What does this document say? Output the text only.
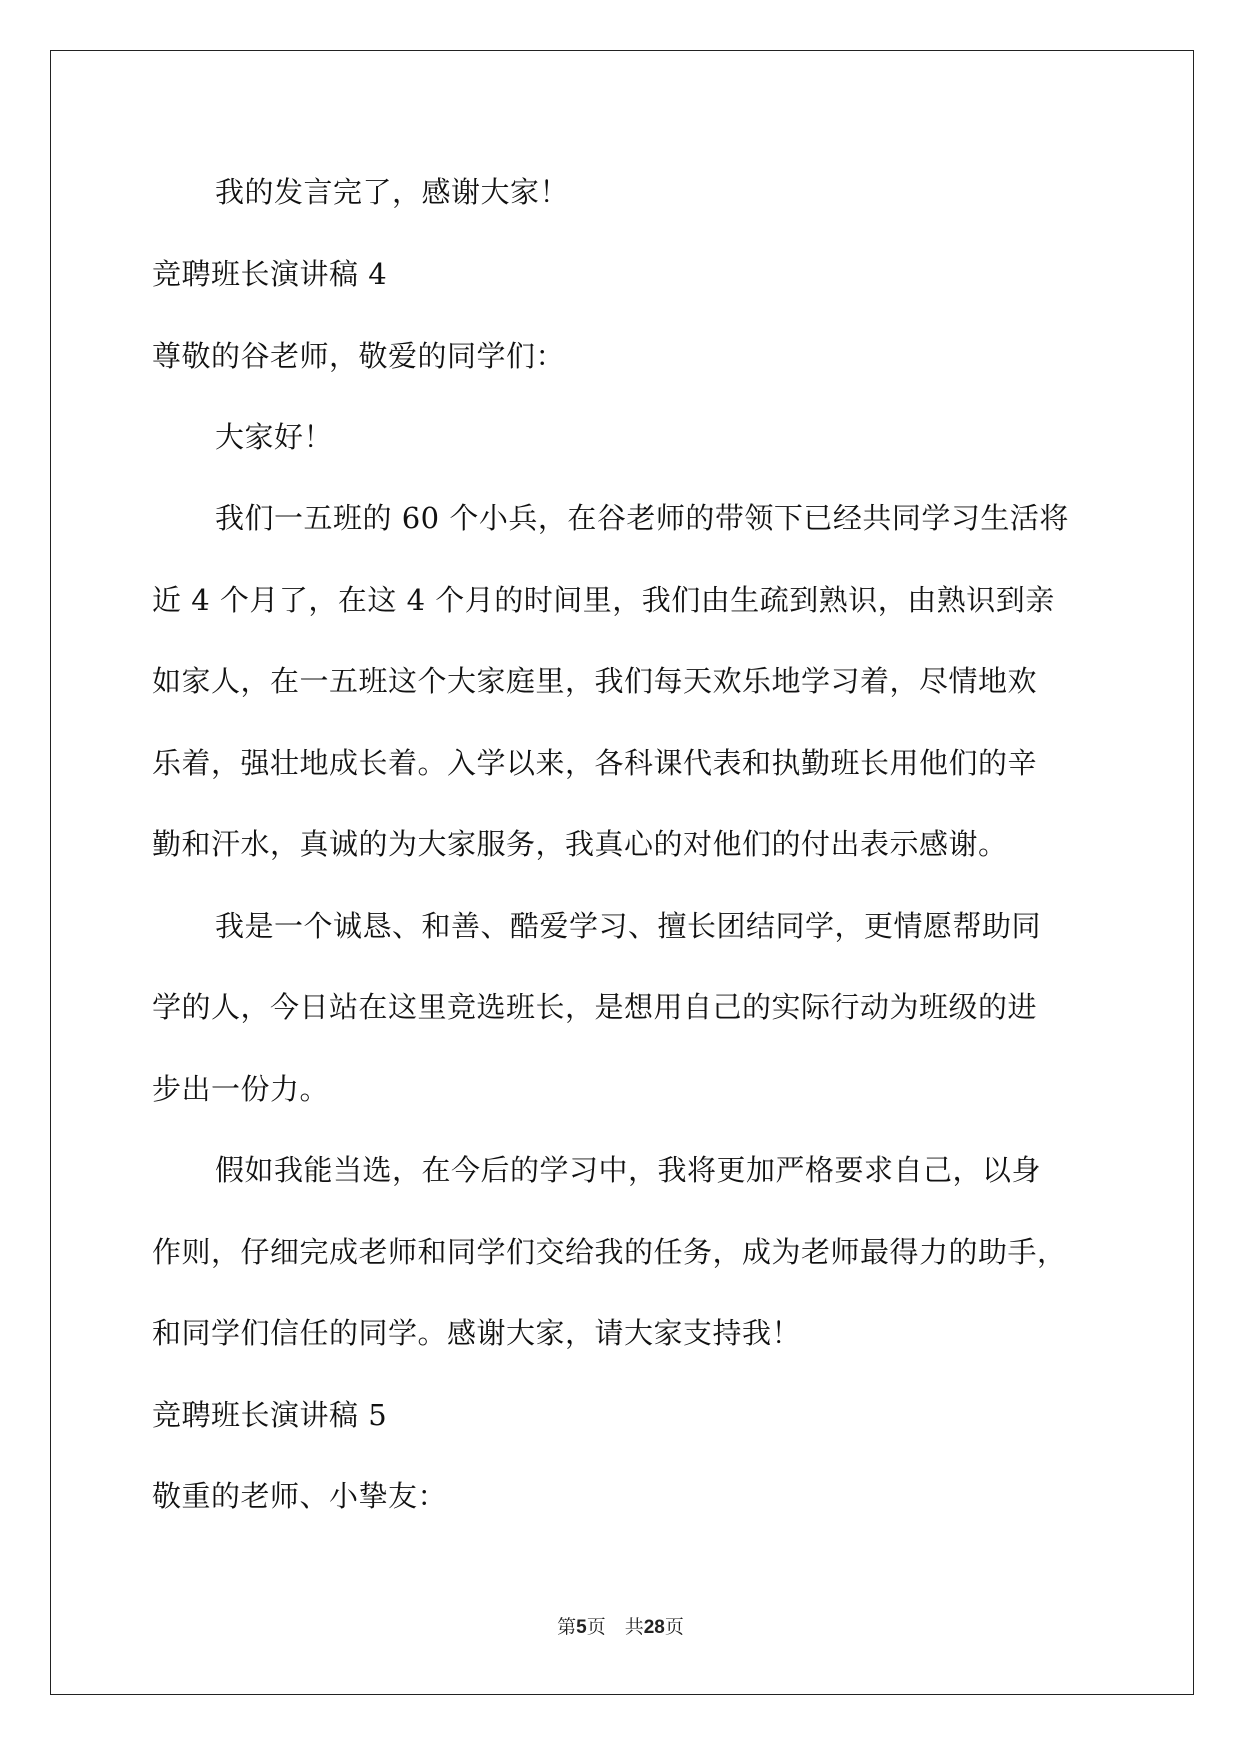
我的发言完了，感谢大家！
竞聘班长演讲稿 4
尊敬的谷老师，敬爱的同学们：
大家好！
我们一五班的 60 个小兵，在谷老师的带领下已经共同学习生活将
近 4 个月了，在这 4 个月的时间里，我们由生疏到熟识，由熟识到亲
如家人，在一五班这个大家庭里，我们每天欢乐地学习着，尽情地欢
乐着，强壮地成长着。入学以来，各科课代表和执勤班长用他们的辛
勤和汗水，真诚的为大家服务，我真心的对他们的付出表示感谢。
我是一个诚恳、和善、酷爱学习、擅长团结同学，更情愿帮助同
学的人，今日站在这里竞选班长，是想用自己的实际行动为班级的进
步出一份力。
假如我能当选，在今后的学习中，我将更加严格要求自己，以身
作则，仔细完成老师和同学们交给我的任务，成为老师最得力的助手，
和同学们信任的同学。感谢大家，请大家支持我！
竞聘班长演讲稿 5
敬重的老师、小挚友：
第5页　共28页
